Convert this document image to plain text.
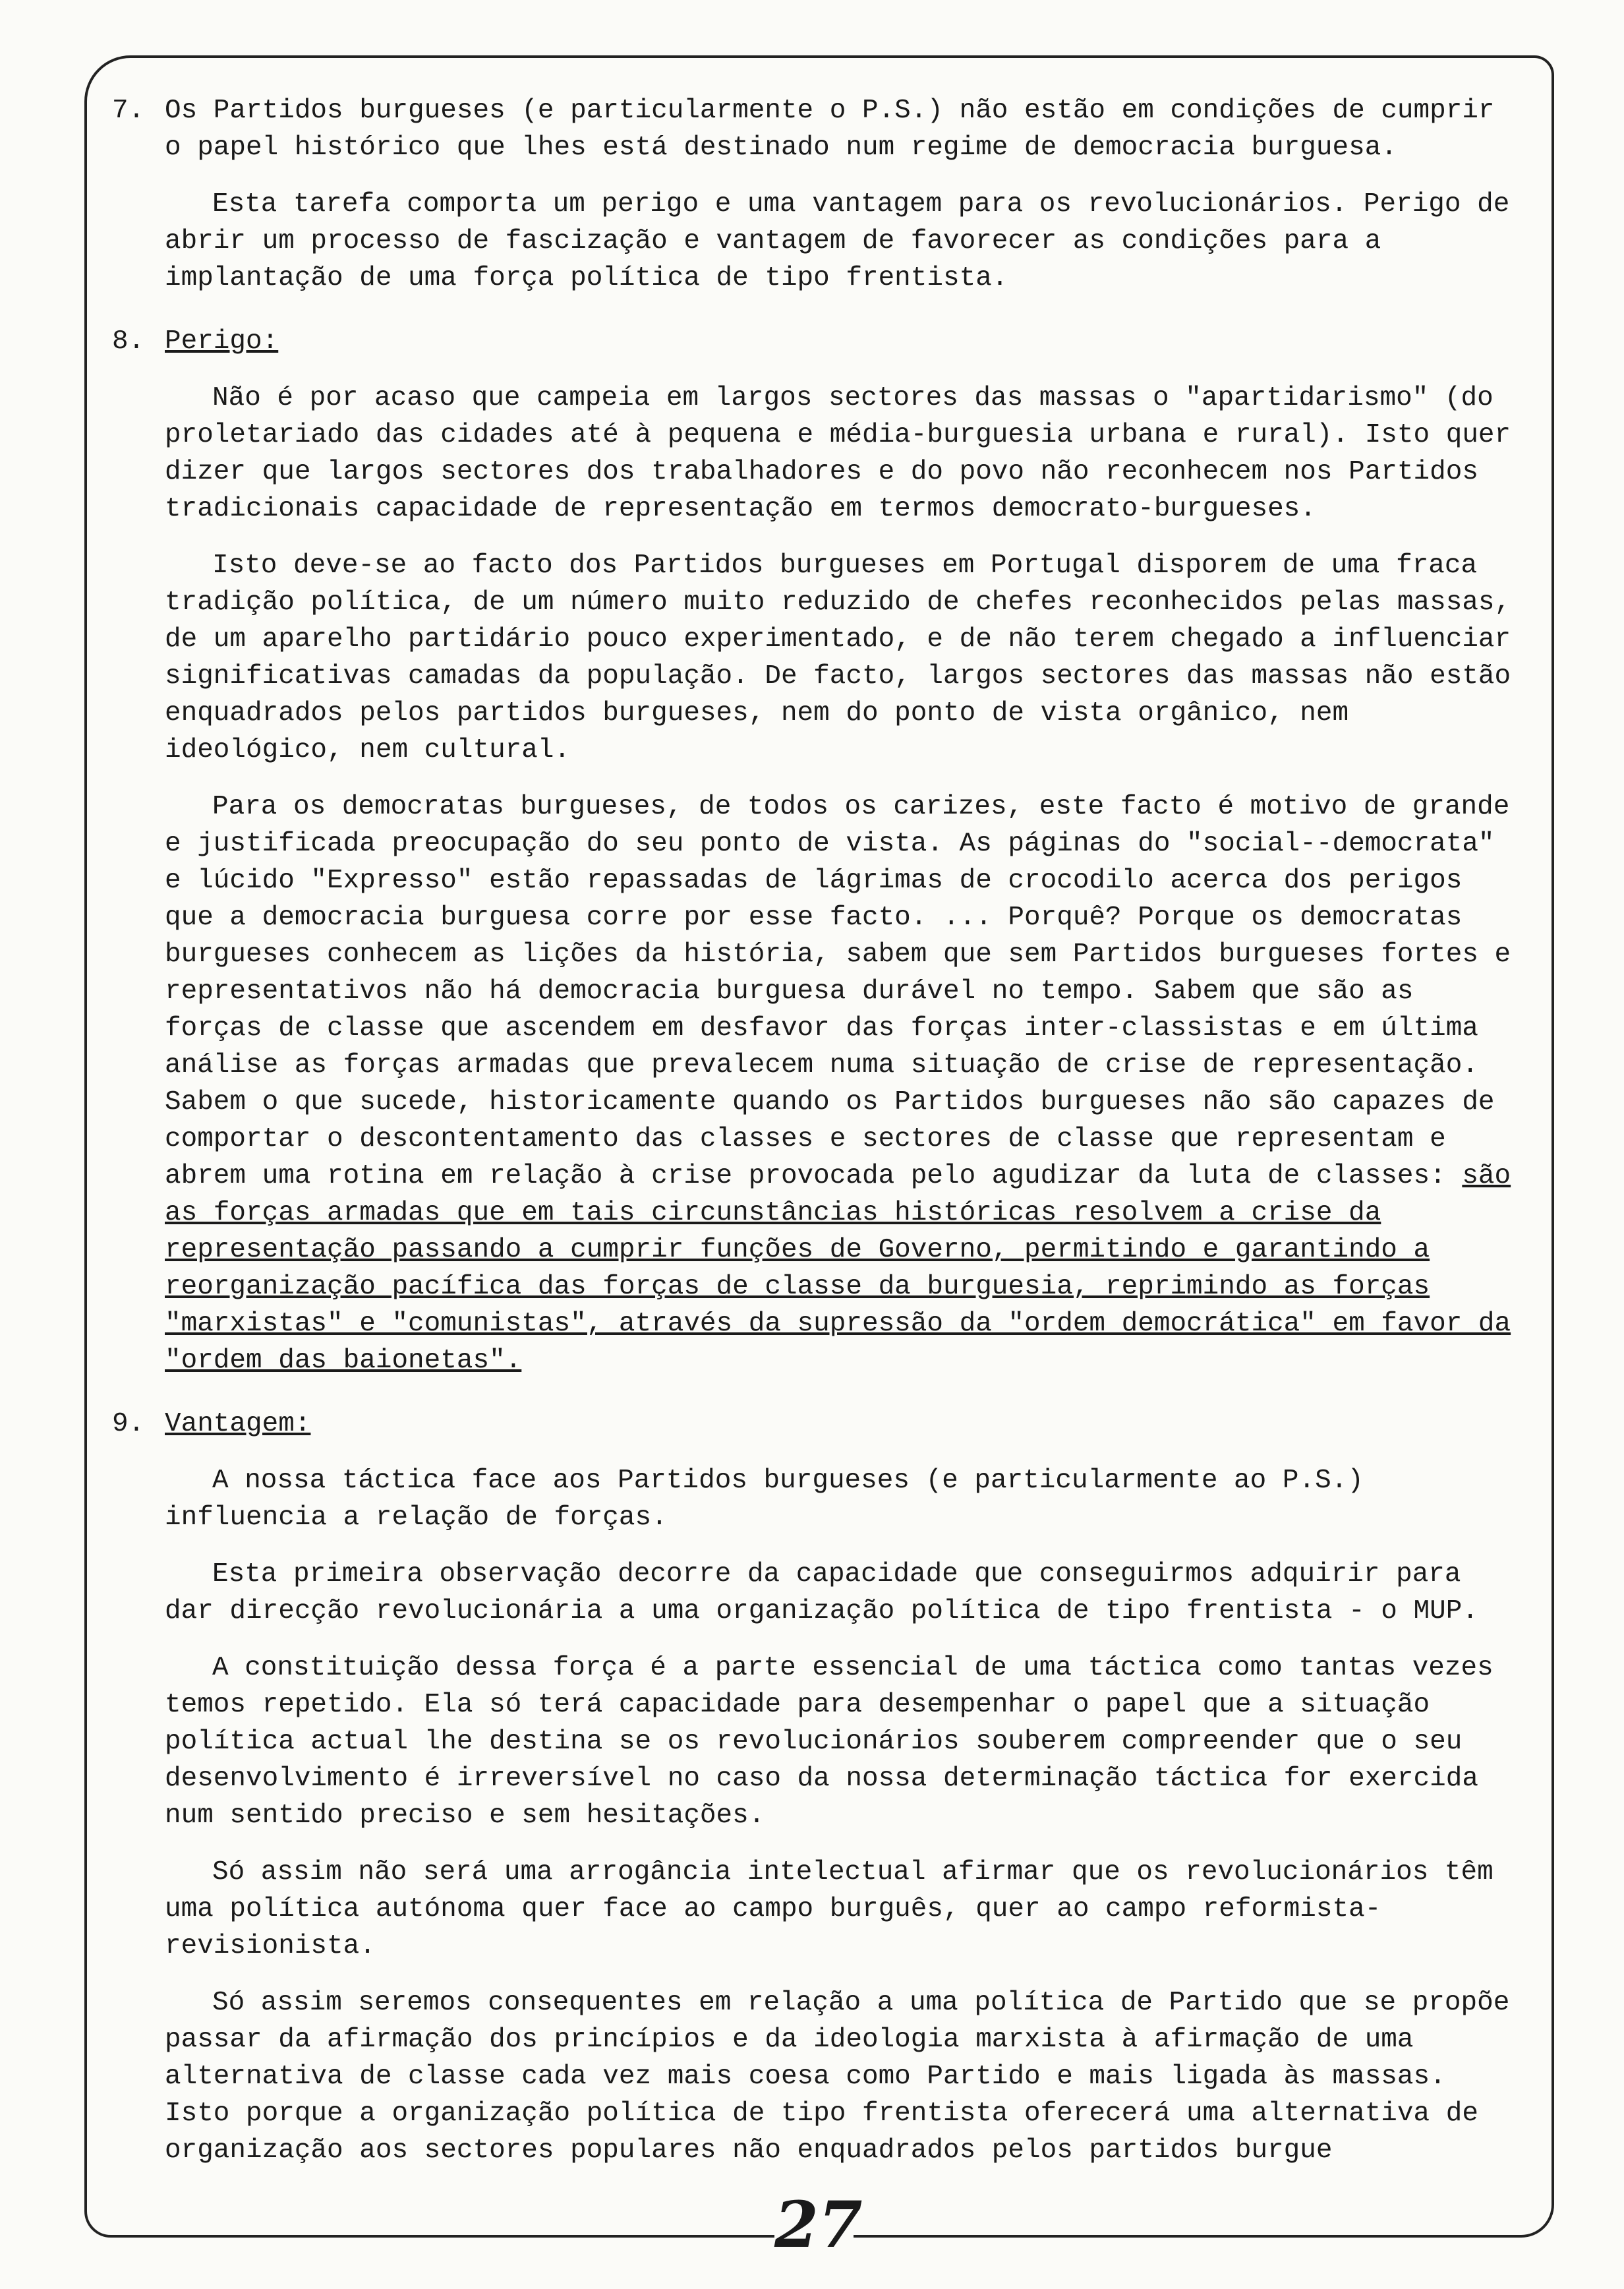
7. Os Partidos burgueses (e particularmente o P.S.) não estão em condições de cumprir o papel histórico que lhes está destinado num regime de democracia burguesa.
Esta tarefa comporta um perigo e uma vantagem para os revolucionários. Perigo de abrir um processo de fascização e vantagem de favorecer as condições para a implantação de uma força política de tipo frentista.
8. Perigo:
Não é por acaso que campeia em largos sectores das massas o "apartidarismo" (do proletariado das cidades até à pequena e média-burguesia urbana e rural). Isto quer dizer que largos sectores dos trabalhadores e do povo não reconhecem nos Partidos tradicionais capacidade de representação em termos democrato-burgueses.
Isto deve-se ao facto dos Partidos burgueses em Portugal disporem de uma fraca tradição política, de um número muito reduzido de chefes reconhecidos pelas massas, de um aparelho partidário pouco experimentado, e de não terem chegado a influenciar significativas camadas da população. De facto, largos sectores das massas não estão enquadrados pelos partidos burgueses, nem do ponto de vista orgânico, nem ideológico, nem cultural.
Para os democratas burgueses, de todos os carizes, este facto é motivo de grande e justificada preocupação do seu ponto de vista. As páginas do "social--democrata" e lúcido "Expresso" estão repassadas de lágrimas de crocodilo acerca dos perigos que a democracia burguesa corre por esse facto. ... Porquê? Porque os democratas burgueses conhecem as lições da história, sabem que sem Partidos burgueses fortes e representativos não há democracia burguesa durável no tempo. Sabem que são as forças de classe que ascendem em desfavor das forças inter-classistas e em última análise as forças armadas que prevalecem numa situação de crise de representação. Sabem o que sucede, historicamente quando os Partidos burgueses não são capazes de comportar o descontentamento das classes e sectores de classe que representam e abrem uma rotina em relação à crise provocada pelo agudizar da luta de classes: são as forças armadas que em tais circunstâncias históricas resolvem a crise da representação passando a cumprir funções de Governo, permitindo e garantindo a reorganização pacífica das forças de classe da burguesia, reprimindo as forças "marxistas" e "comunistas", através da supressão da "ordem democrática" em favor da "ordem das baionetas".
9. Vantagem:
A nossa táctica face aos Partidos burgueses (e particularmente ao P.S.) influencia a relação de forças.
Esta primeira observação decorre da capacidade que conseguirmos adquirir para dar direcção revolucionária a uma organização política de tipo frentista - o MUP.
A constituição dessa força é a parte essencial de uma táctica como tantas vezes temos repetido. Ela só terá capacidade para desempenhar o papel que a situação política actual lhe destina se os revolucionários souberem compreender que o seu desenvolvimento é irreversível no caso da nossa determinação táctica for exercida num sentido preciso e sem hesitações.
Só assim não será uma arrogância intelectual afirmar que os revolucionários têm uma política autónoma quer face ao campo burguês, quer ao campo reformista-revisionista.
Só assim seremos consequentes em relação a uma política de Partido que se propõe passar da afirmação dos princípios e da ideologia marxista à afirmação de uma alternativa de classe cada vez mais coesa como Partido e mais ligada às massas. Isto porque a organização política de tipo frentista oferecerá uma alternativa de organização aos sectores populares não enquadrados pelos partidos burgue
27
